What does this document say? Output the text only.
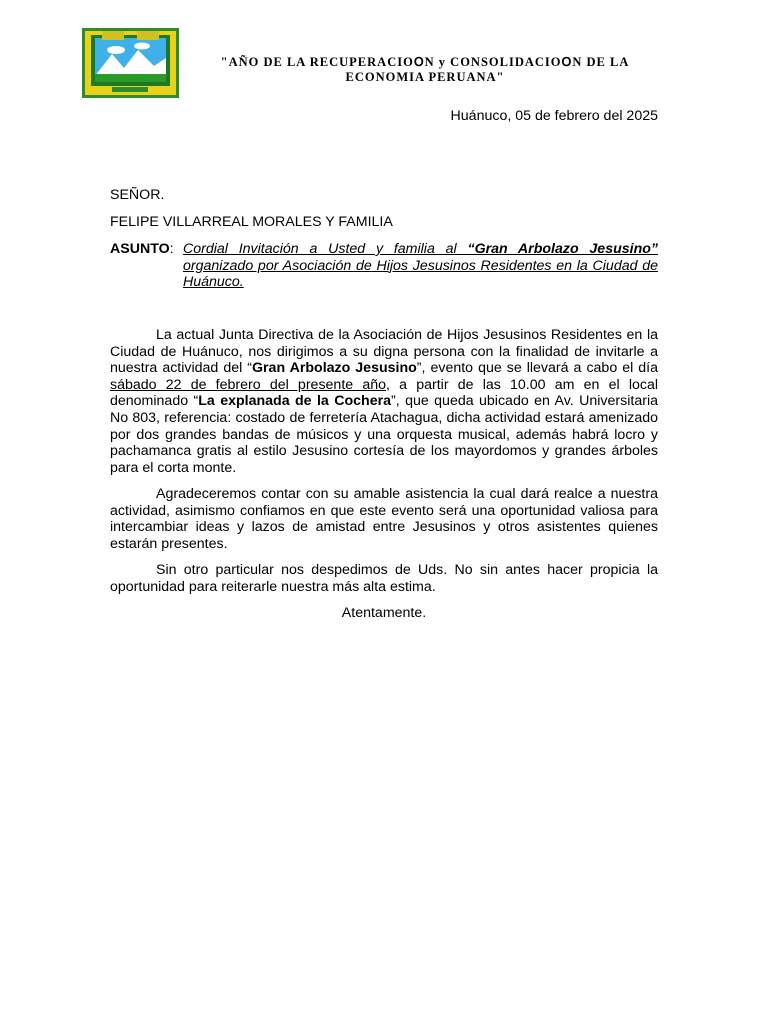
"AÑO DE LA RECUPERACIOՕN y CONSOLIDACIOՕN DE LA
ECONOMIA PERUANA"
Huánuco, 05 de febrero del 2025
SEÑOR.
FELIPE VILLARREAL MORALES Y FAMILIA
ASUNTO: Cordial Invitación a Usted y familia al “Gran Arbolazo Jesusino” organizado por Asociación de Hijos Jesusinos Residentes en la Ciudad de Huánuco.
La actual Junta Directiva de la Asociación de Hijos Jesusinos Residentes en la Ciudad de Huánuco, nos dirigimos a su digna persona con la finalidad de invitarle a nuestra actividad del “Gran Arbolazo Jesusino”, evento que se llevará a cabo el día sábado 22 de febrero del presente año, a partir de las 10.00 am en el local denominado “La explanada de la Cochera”, que queda ubicado en Av. Universitaria No 803, referencia: costado de ferretería Atachagua, dicha actividad estará amenizado por dos grandes bandas de músicos y una orquesta musical, además habrá locro y pachamanca gratis al estilo Jesusino cortesía de los mayordomos y grandes árboles para el corta monte.
Agradeceremos contar con su amable asistencia la cual dará realce a nuestra actividad, asimismo confiamos en que este evento será una oportunidad valiosa para intercambiar ideas y lazos de amistad entre Jesusinos y otros asistentes quienes estarán presentes.
Sin otro particular nos despedimos de Uds. No sin antes hacer propicia la oportunidad para reiterarle nuestra más alta estima.
Atentamente.
